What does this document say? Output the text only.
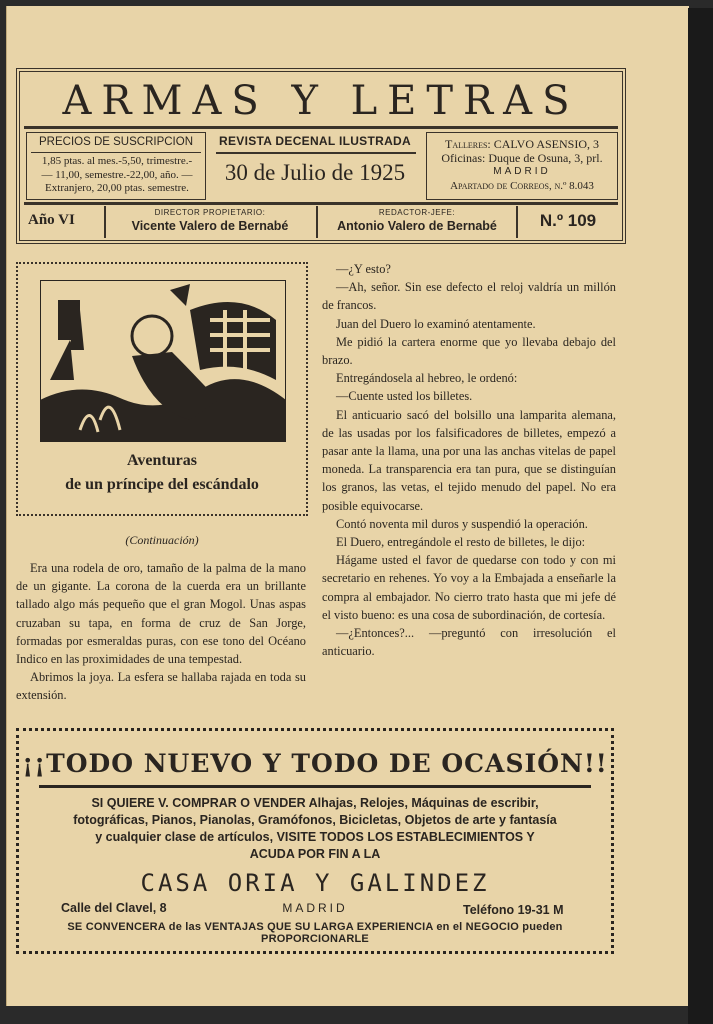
ARMAS Y LETRAS
PRECIOS DE SUSCRIPCION
1,85 ptas. al mes.-5,50, trimestre.-
— 11,00, semestre.-22,00, año. —
Extranjero, 20,00 ptas. semestre.
REVISTA DECENAL ILUSTRADA
30 de Julio de 1925
Talleres: CALVO ASENSIO, 3
Oficinas: Duque de Osuna, 3, prl.
MADRID
Apartado de Correos, n.º 8.043
Año VI	DIRECTOR PROPIETARIO:
Vicente Valero de Bernabé
REDACTOR-JEFE:
Antonio Valero de Bernabé	N.º 109
Aventuras
de un príncipe del escándalo
(Continuación)

Era una rodela de oro, tamaño de la palma de la mano de un gigante. La corona de la cuerda era un brillante tallado algo más pequeño que el gran Mogol. Unas aspas cruzaban su tapa, en forma de cruz de San Jorge, formadas por esmeraldas puras, con ese tono del Océano Indico en las proximidades de una tempestad.

Abrimos la joya. La esfera se hallaba rajada en toda su extensión.

—¿Y esto?

—Ah, señor. Sin ese defecto el reloj valdría un millón de francos.

Juan del Duero lo examinó atentamente.

Me pidió la cartera enorme que yo llevaba debajo del brazo.

Entregándosela al hebreo, le ordenó:

—Cuente usted los billetes.

El anticuario sacó del bolsillo una lamparita alemana, de las usadas por los falsificadores de billetes, empezó a pasar ante la llama, una por una las anchas vitelas de papel moneda. La transparencia era tan pura, que se distinguían los granos, las vetas, el tejido menudo del papel. No era posible equivocarse.

Contó noventa mil duros y suspendió la operación.

El Duero, entregándole el resto de billetes, le dijo:

Hágame usted el favor de quedarse con todo y con mi secretario en rehenes. Yo voy a la Embajada a enseñarle la compra al embajador. No cierro trato hasta que mi jefe dé el visto bueno: es una cosa de subordinación, de cortesía.

—¿Entonces?... —preguntó con irresolución el anticuario.

¡¡TODO NUEVO Y TODO DE OCASIÓN!!
SI QUIERE V. COMPRAR O VENDER Alhajas, Relojes, Máquinas de escribir,
fotográficas, Pianos, Pianolas, Gramófonos, Bicicletas, Objetos de arte y fantasía
y cualquier clase de artículos, VISITE TODOS LOS ESTABLECIMIENTOS Y
ACUDA POR FIN A LA
CASA ORIA Y GALINDEZ
Calle del Clavel, 8	MADRID	Teléfono 19-31 M
SE CONVENCERA de las VENTAJAS QUE SU LARGA EXPERIENCIA en el NEGOCIO pueden PROPORCIONARLE
